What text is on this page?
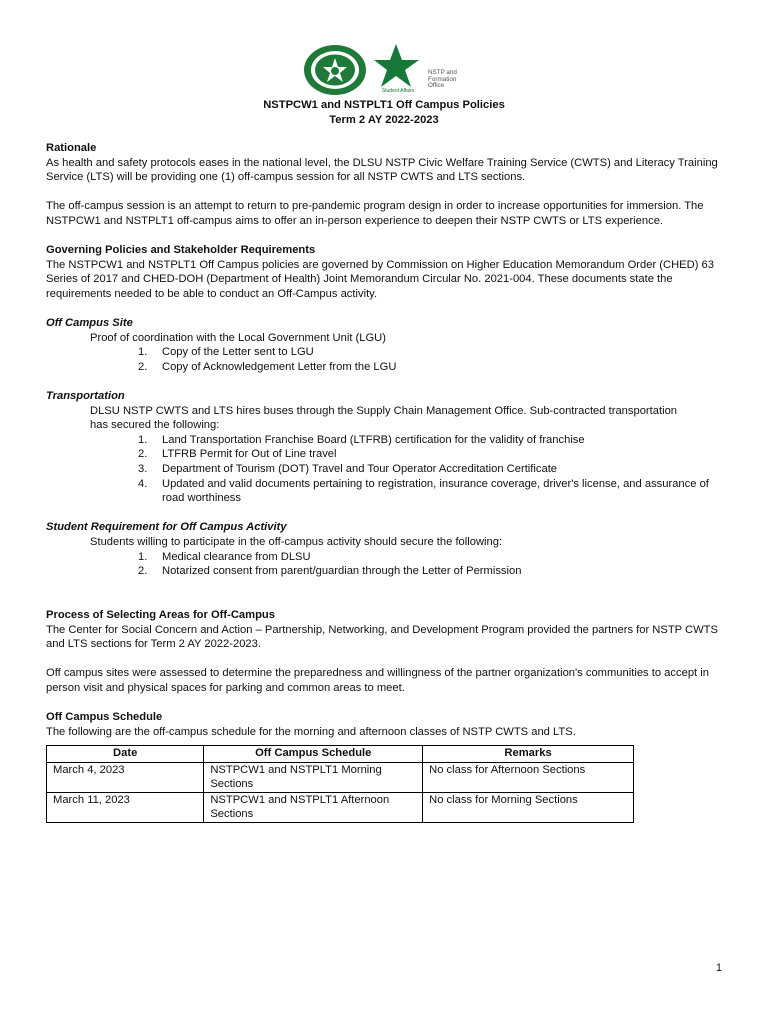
Student Affairs
NSTP and
Formation
Office
NSTPCW1 and NSTPLT1 Off Campus Policies
Term 2 AY 2022-2023

Rationale

As health and safety protocols eases in the national level, the DLSU NSTP Civic Welfare Training Service (CWTS) and Literacy Training Service (LTS) will be providing one (1) off-campus session for all NSTP CWTS and LTS sections.

The off-campus session is an attempt to return to pre-pandemic program design in order to increase opportunities for immersion. The NSTPCW1 and NSTPLT1 off-campus aims to offer an in-person experience to deepen their NSTP CWTS or LTS experience.

Governing Policies and Stakeholder Requirements

The NSTPCW1 and NSTPLT1 Off Campus policies are governed by Commission on Higher Education Memorandum Order (CHED) 63 Series of 2017 and CHED-DOH (Department of Health) Joint Memorandum Circular No. 2021-004. These documents state the requirements needed to be able to conduct an Off-Campus activity.

Off Campus Site

Proof of coordination with the Local Government Unit (LGU)

1. Copy of the Letter sent to LGU
2. Copy of Acknowledgement Letter from the LGU

Transportation

DLSU NSTP CWTS and LTS hires buses through the Supply Chain Management Office. Sub-contracted transportation has secured the following:

1. Land Transportation Franchise Board (LTFRB) certification for the validity of franchise
2. LTFRB Permit for Out of Line travel
3. Department of Tourism (DOT) Travel and Tour Operator Accreditation Certificate
4. Updated and valid documents pertaining to registration, insurance coverage, driver's license, and assurance of road worthiness

Student Requirement for Off Campus Activity

Students willing to participate in the off-campus activity should secure the following:

1. Medical clearance from DLSU
2. Notarized consent from parent/guardian through the Letter of Permission

Process of Selecting Areas for Off-Campus

The Center for Social Concern and Action – Partnership, Networking, and Development Program provided the partners for NSTP CWTS and LTS sections for Term 2 AY 2022-2023.

Off campus sites were assessed to determine the preparedness and willingness of the partner organization's communities to accept in person visit and physical spaces for parking and common areas to meet.

Off Campus Schedule

The following are the off-campus schedule for the morning and afternoon classes of NSTP CWTS and LTS.

Date	Off Campus Schedule	Remarks
March 4, 2023	NSTPCW1 and NSTPLT1 Morning Sections	No class for Afternoon Sections
March 11, 2023	NSTPCW1 and NSTPLT1 Afternoon Sections	No class for Morning Sections
1
